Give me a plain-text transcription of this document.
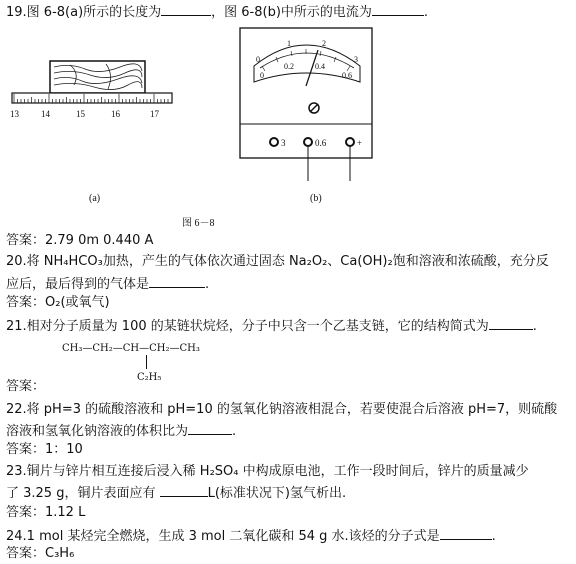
19.图 6-8(a)所示的长度为	，图 6-8(b)中所示的电流为	.
13 14	15	16	17
(a)
0
1	2
3
0
0.2	0.4
0.6
3	0.6	+
(b)
图 6－8
答案：2.79 0m 0.440 A
20.将 NH₄HCO₃加热，产生的气体依次通过固态 Na₂O₂、Ca(OH)₂饱和溶液和浓硫酸，充分反
应后，最后得到的气体是	.
答案：O₂(或氧气)
21.相对分子质量为 100 的某链状烷烃，分子中只含一个乙基支链，它的结构简式为	.
CH₃—CH₂—CH—CH₂—CH₃
C₂H₅
答案：
22.将 pH=3 的硫酸溶液和 pH=10 的氢氧化钠溶液相混合，若要使混合后溶液 pH=7，则硫酸
溶液和氢氧化钠溶液的体积比为	.
答案：1：10
23.铜片与锌片相互连接后浸入稀 H₂SO₄ 中构成原电池，工作一段时间后，锌片的质量减少
了 3.25 g，铜片表面应有	L(标准状况下)氢气析出.
答案：1.12 L
24.1 mol 某烃完全燃烧，生成 3 mol 二氧化碳和 54 g 水.该烃的分子式是	.
答案：C₃H₆
